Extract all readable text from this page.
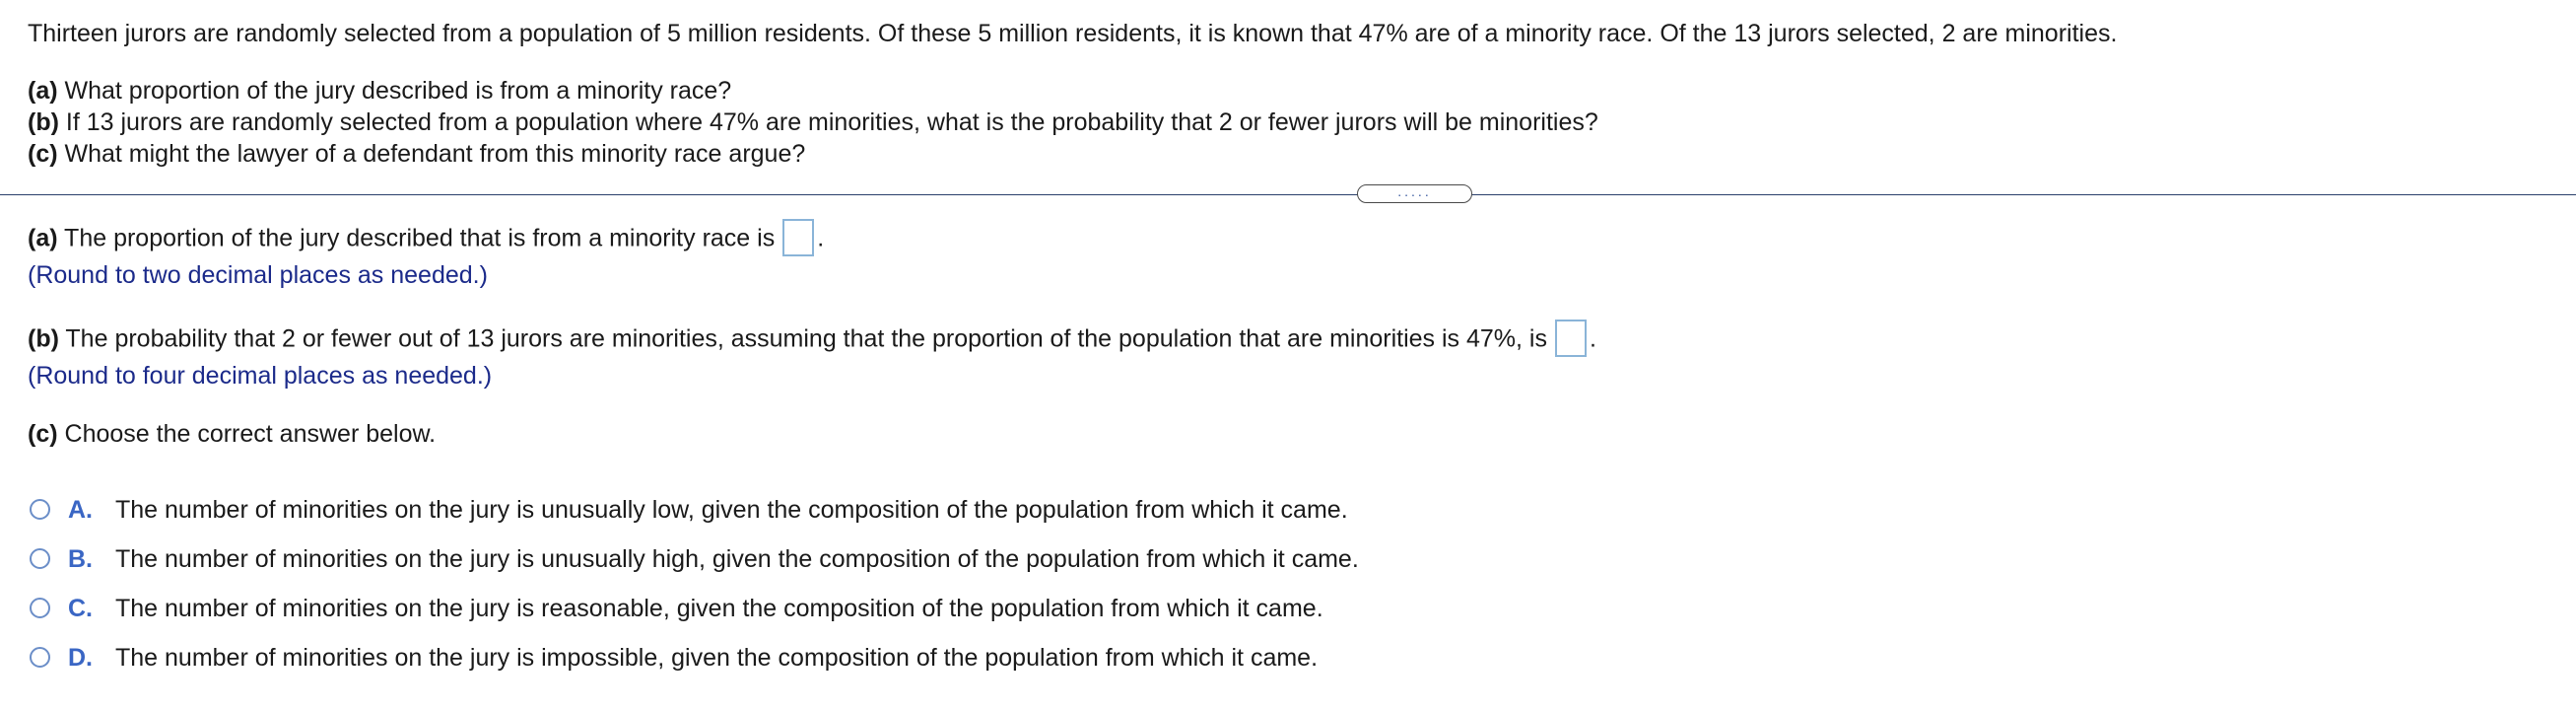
Thirteen jurors are randomly selected from a population of 5 million residents. Of these 5 million residents, it is known that 47% are of a minority race. Of the 13 jurors selected, 2 are minorities.
(a) What proportion of the jury described is from a minority race?
(b) If 13 jurors are randomly selected from a population where 47% are minorities, what is the probability that 2 or fewer jurors will be minorities?
(c) What might the lawyer of a defendant from this minority race argue?
.....
(a) The proportion of the jury described that is from a minority race is .
(Round to two decimal places as needed.)
(b) The probability that 2 or fewer out of 13 jurors are minorities, assuming that the proportion of the population that are minorities is 47%, is .
(Round to four decimal places as needed.)
(c) Choose the correct answer below.
A. The number of minorities on the jury is unusually low, given the composition of the population from which it came.
B. The number of minorities on the jury is unusually high, given the composition of the population from which it came.
C. The number of minorities on the jury is reasonable, given the composition of the population from which it came.
D. The number of minorities on the jury is impossible, given the composition of the population from which it came.
